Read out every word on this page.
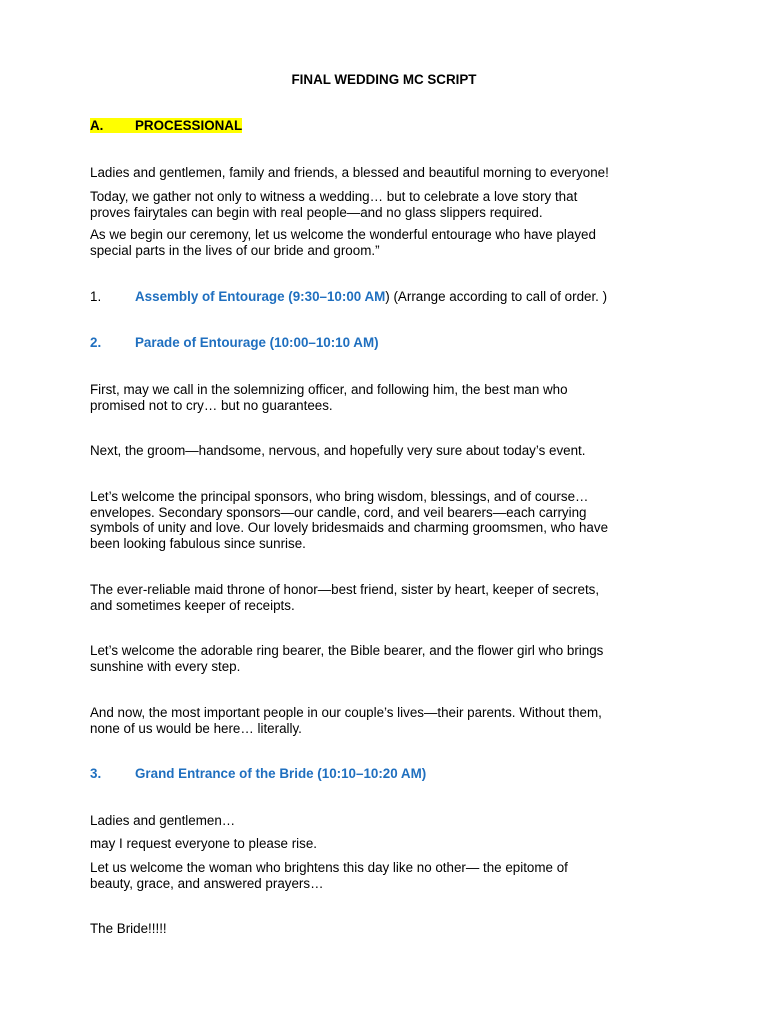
FINAL WEDDING MC SCRIPT

A. PROCESSIONAL

Ladies and gentlemen, family and friends, a blessed and beautiful morning to everyone!

Today, we gather not only to witness a wedding… but to celebrate a love story that
proves fairytales can begin with real people—and no glass slippers required.

As we begin our ceremony, let us welcome the wonderful entourage who have played
special parts in the lives of our bride and groom.”

1.	Assembly of Entourage (9:30–10:00 AM) (Arrange according to call of order. )

2.	Parade of Entourage (10:00–10:10 AM)

First, may we call in the solemnizing officer, and following him, the best man who
promised not to cry… but no guarantees.

Next, the groom—handsome, nervous, and hopefully very sure about today’s event.

Let’s welcome the principal sponsors, who bring wisdom, blessings, and of course…
envelopes. Secondary sponsors—our candle, cord, and veil bearers—each carrying
symbols of unity and love. Our lovely bridesmaids and charming groomsmen, who have
been looking fabulous since sunrise.

The ever-reliable maid throne of honor—best friend, sister by heart, keeper of secrets,
and sometimes keeper of receipts.

Let’s welcome the adorable ring bearer, the Bible bearer, and the flower girl who brings
sunshine with every step.

And now, the most important people in our couple’s lives—their parents. Without them,
none of us would be here… literally.

3.	Grand Entrance of the Bride (10:10–10:20 AM)

Ladies and gentlemen…

may I request everyone to please rise.

Let us welcome the woman who brightens this day like no other— the epitome of
beauty, grace, and answered prayers…

The Bride!!!!!
